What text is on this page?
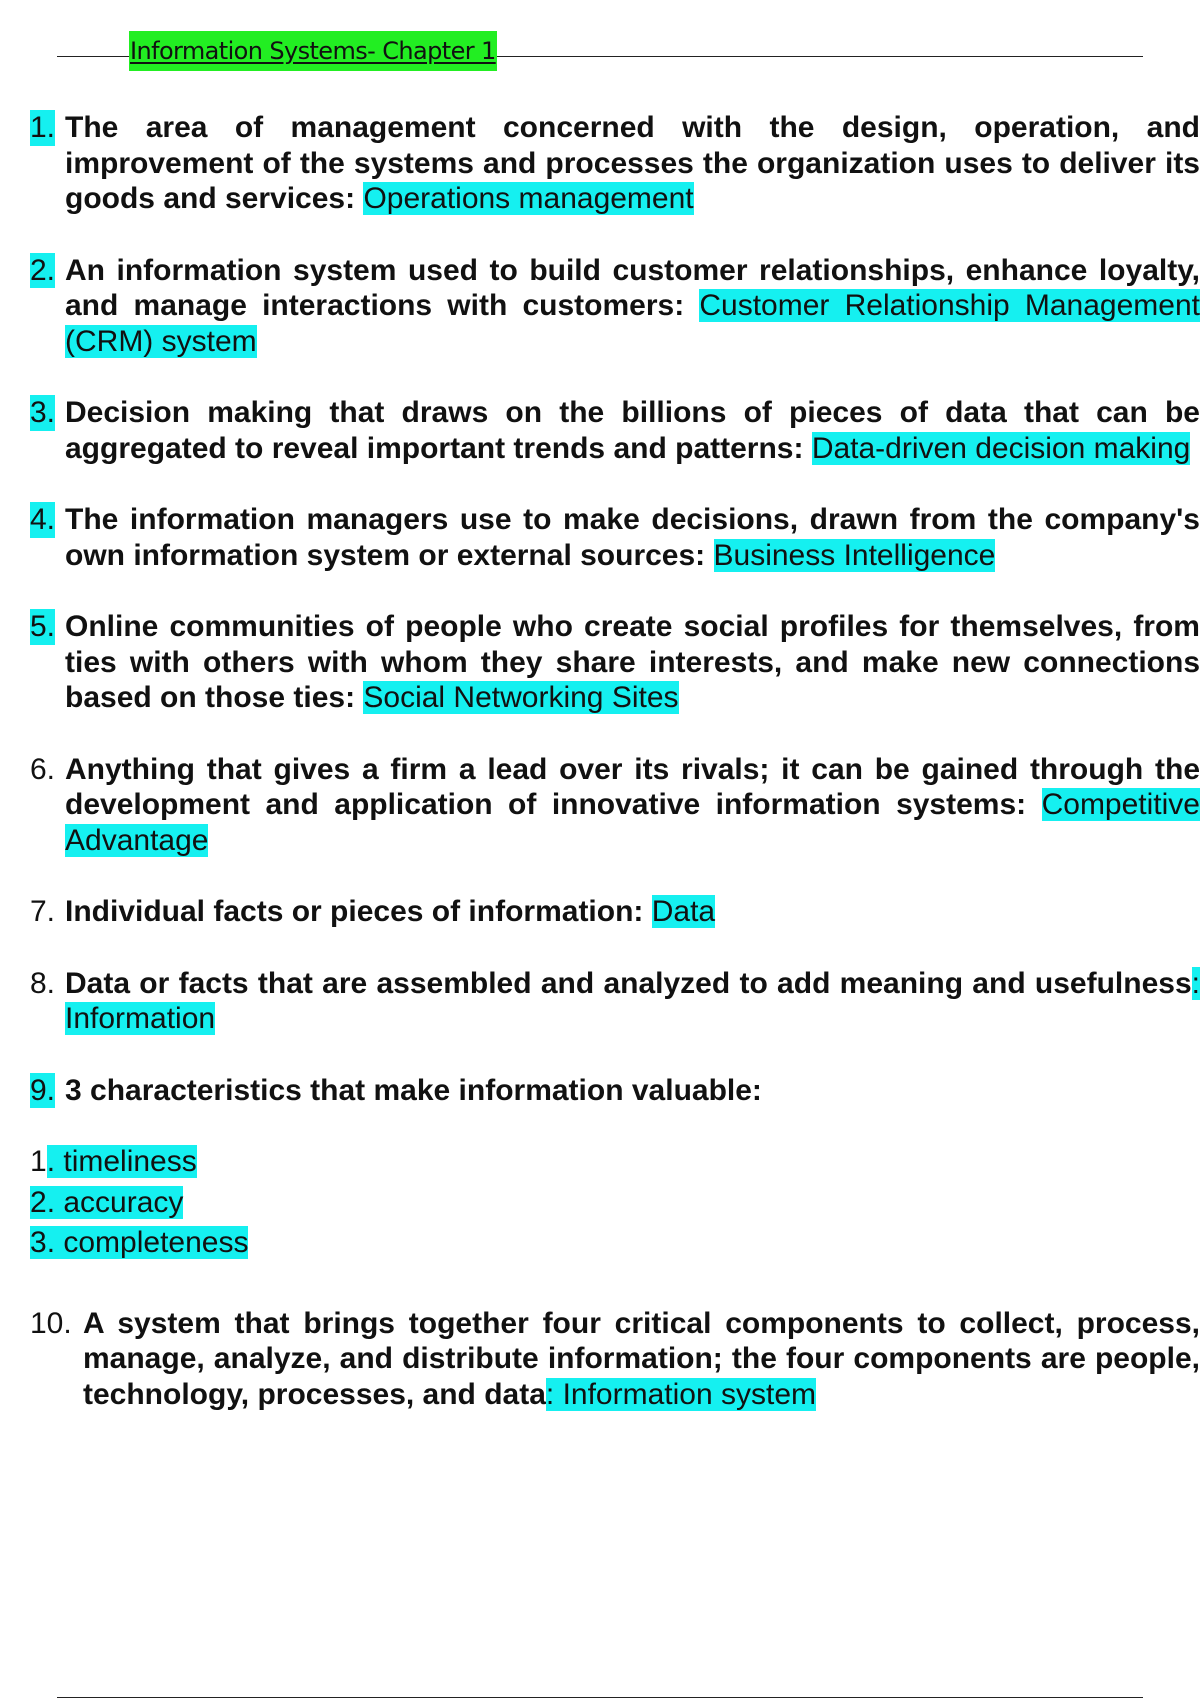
Information Systems- Chapter 1
1. The area of management concerned with the design, operation, and improvement of the systems and processes the organization uses to deliver its goods and services: Operations management
2. An information system used to build customer relationships, enhance loyalty, and manage interactions with customers: Customer Relationship Management (CRM) system
3. Decision making that draws on the billions of pieces of data that can be aggregated to reveal important trends and patterns: Data-driven decision making
4. The information managers use to make decisions, drawn from the company's own information system or external sources: Business Intelligence
5. Online communities of people who create social profiles for themselves, from ties with others with whom they share interests, and make new connections based on those ties: Social Networking Sites
6. Anything that gives a firm a lead over its rivals; it can be gained through the development and application of innovative information systems: Competitive Advantage
7. Individual facts or pieces of information: Data
8. Data or facts that are assembled and analyzed to add meaning and usefulness: Information
9. 3 characteristics that make information valuable:
1. timeliness
2. accuracy
3. completeness
10. A system that brings together four critical components to collect, process, manage, analyze, and distribute information; the four components are people, technology, processes, and data: Information system
